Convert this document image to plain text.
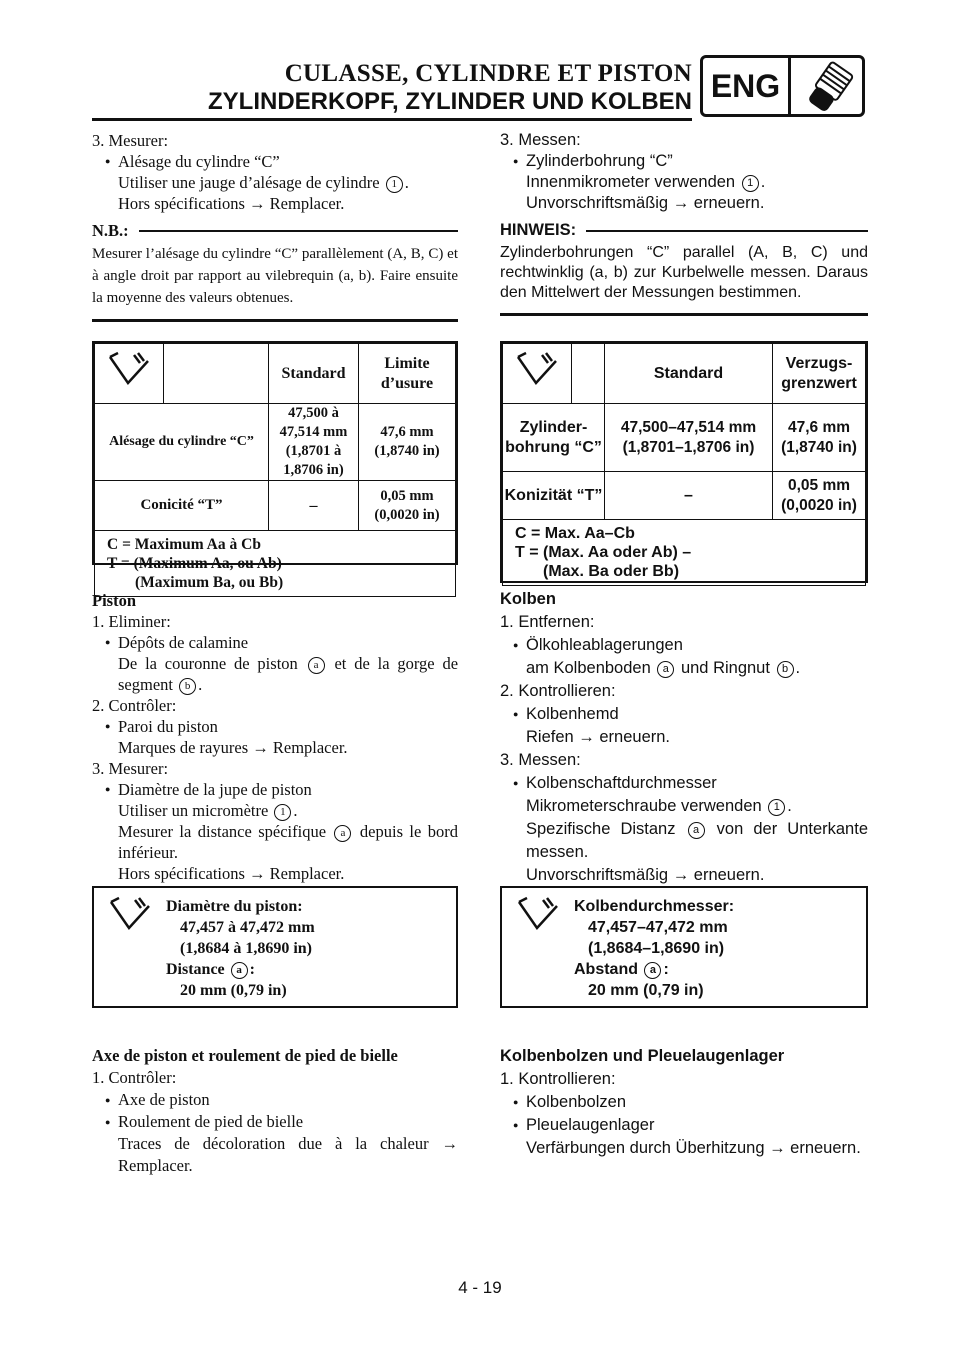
CULASSE, CYLINDRE ET PISTON
ZYLINDERKOPF, ZYLINDER UND KOLBEN ENG
3. Mesurer:
● Alésage du cylindre “C”
Utiliser une jauge d’alésage de cylindre 1 .
Hors spécifications → Remplacer.
N.B.:
Mesurer l’alésage du cylindre “C” parallèlement (A, B, C) et à angle droit par rapport au vilebrequin (a, b). Faire ensuite la moyenne des valeurs obtenues.
		Standard	Limite d’usure
Alésage du cylindre “C”		47,500 à 47,514 mm (1,8701 à 1,8706 in)	47,6 mm (1,8740 in)
Conicité “T”		–	0,05 mm (0,0020 in)

C = Maximum Aa à Cb
T = (Maximum Aa, ou Ab) –
(Maximum Ba, ou Bb)			
Piston
1. Eliminer:
● Dépôts de calamine
De la couronne de piston a et de la gorge de segment b .
2. Contrôler:
● Paroi du piston
Marques de rayures → Remplacer.
3. Mesurer:
● Diamètre de la jupe de piston
Utiliser un micromètre 1 .
Mesurer la distance spécifique a depuis le bord inférieur.
Hors spécifications → Remplacer.
Diamètre du piston:
47,457 à 47,472 mm
(1,8684 à 1,8690 in)
Distance a :
20 mm (0,79 in)
Axe de piston et roulement de pied de bielle
1. Contrôler:
● Axe de piston
● Roulement de pied de bielle
Traces de décoloration due à la chaleur → Remplacer.
3. Messen:
● Zylinderbohrung “C”
Innenmikrometer verwenden 1 .
Unvorschriftsmäßig → erneuern.
HINWEIS:
Zylinderbohrungen “C” parallel (A, B, C) und rechtwinklig (a, b) zur Kurbelwelle messen. Daraus den Mittelwert der Messungen bestimmen.
		Standard	Verzugs-grenzwert
Zylinder-bohrung “C”		47,500–47,514 mm (1,8701–1,8706 in)	47,6 mm (1,8740 in)
Konizität “T”		–	0,05 mm (0,0020 in)

C = Max. Aa–Cb
T = (Max. Aa oder Ab) –
(Max. Ba oder Bb)			
Kolben
1. Entfernen:
● Ölkohleablagerungen
am Kolbenboden a und Ringnut b .
2. Kontrollieren:
● Kolbenhemd
Riefen → erneuern.
3. Messen:
● Kolbenschaftdurchmesser
Mikrometerschraube verwenden 1 .
Spezifische Distanz a von der Unterkante messen.
Unvorschriftsmäßig → erneuern.
Kolbendurchmesser:
47,457–47,472 mm
(1,8684–1,8690 in)
Abstand a :
20 mm (0,79 in)
Kolbenbolzen und Pleuelaugenlager
1. Kontrollieren:
● Kolbenbolzen
● Pleuelaugenlager
Verfärbungen durch Überhitzung → erneuern.
4 - 19
